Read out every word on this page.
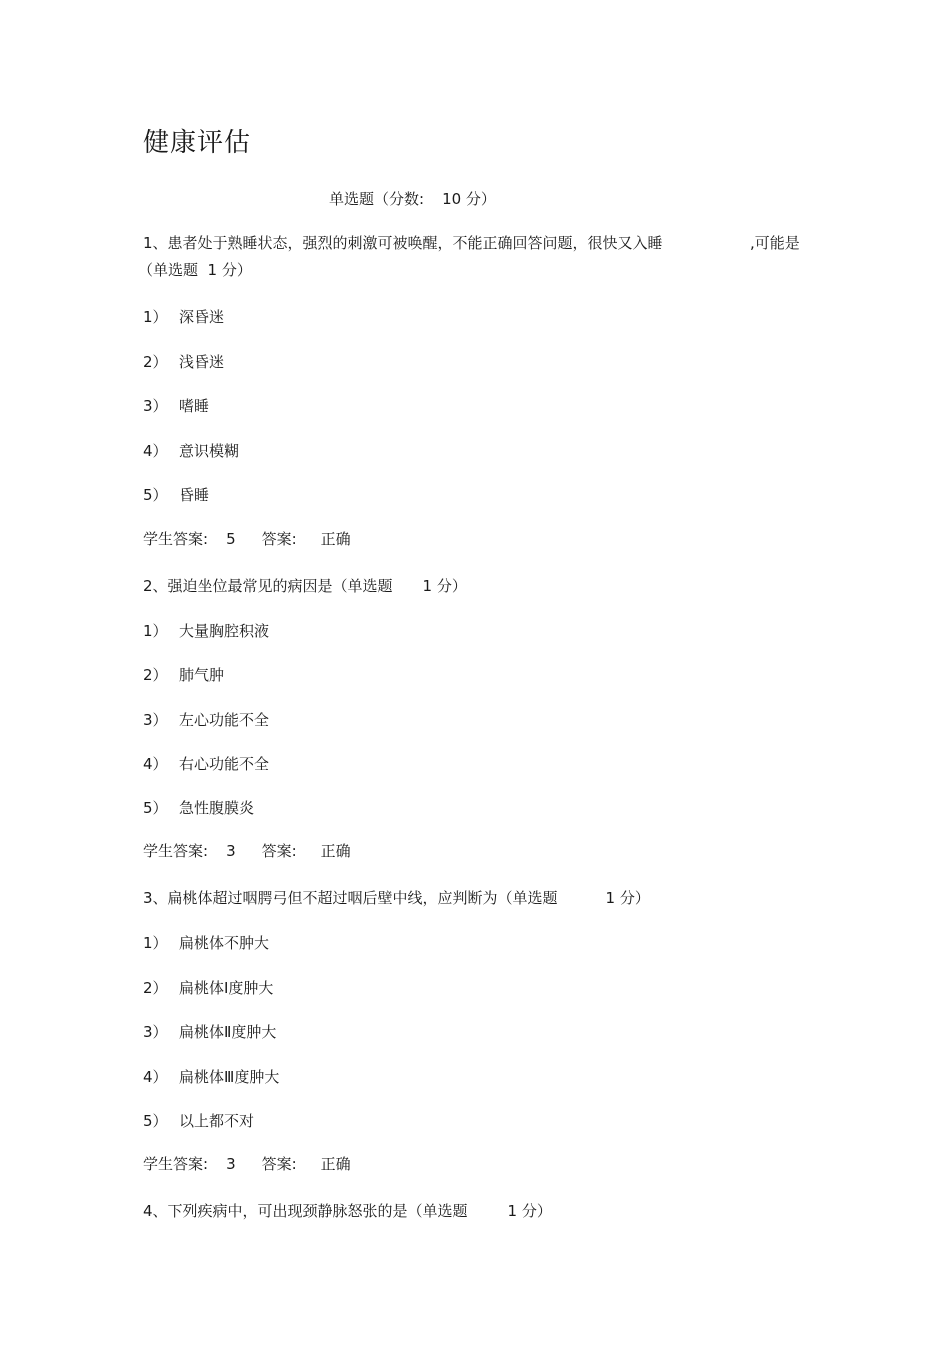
健康评估
单选题（分数: 10 分）
1、患者处于熟睡状态，强烈的刺激可被唤醒，不能正确回答问题，很快又入睡	,可能是
（单选题  1 分）
1） 深昏迷
2） 浅昏迷
3） 嗜睡
4） 意识模糊
5） 昏睡
学生答案: 5 答案: 正确
2、强迫坐位最常见的病因是（单选题 1 分）
1） 大量胸腔积液
2） 肺气肿
3） 左心功能不全
4） 右心功能不全
5） 急性腹膜炎
学生答案: 3 答案: 正确
3、扁桃体超过咽腭弓但不超过咽后壁中线，应判断为（单选题	1 分）
1） 扁桃体不肿大
2） 扁桃体Ⅰ度肿大
3） 扁桃体Ⅱ度肿大
4） 扁桃体Ⅲ度肿大
5） 以上都不对
学生答案: 3 答案: 正确
4、下列疾病中，可出现颈静脉怒张的是（单选题	1 分）
